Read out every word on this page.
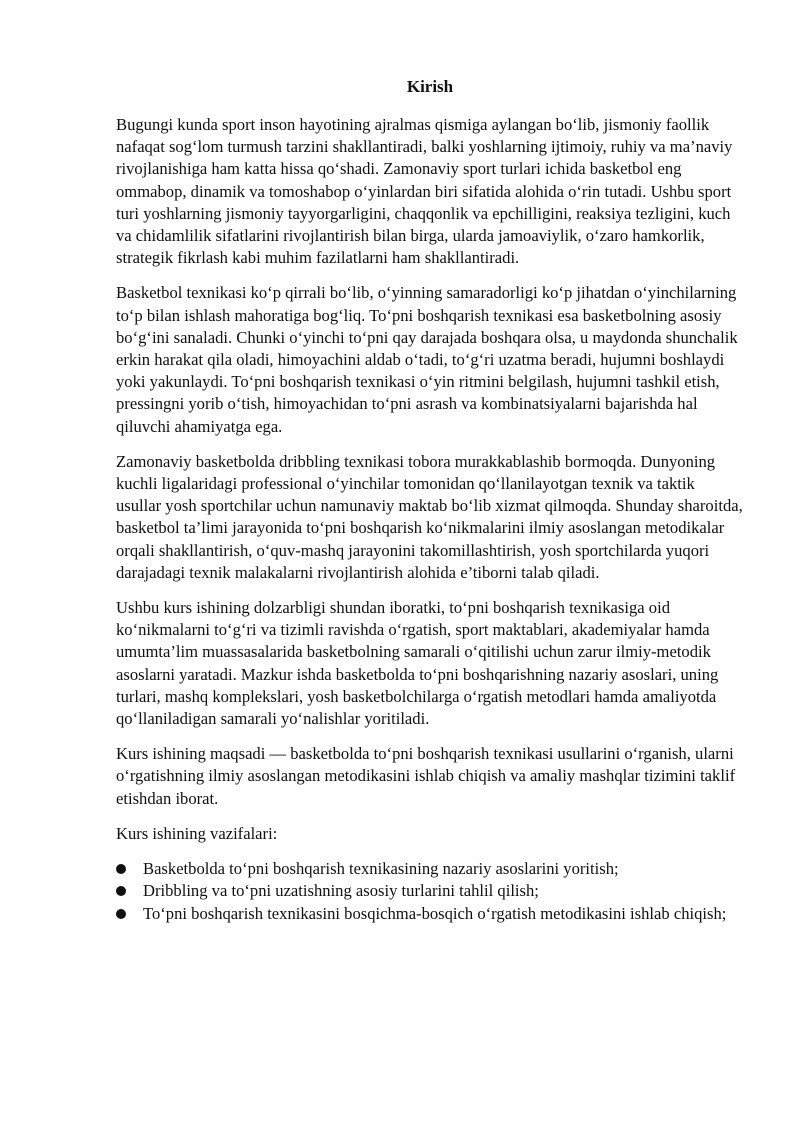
Kirish

Bugungi kunda sport inson hayotining ajralmas qismiga aylangan bo‘lib, jismoniy faollik nafaqat sog‘lom turmush tarzini shakllantiradi, balki yoshlarning ijtimoiy, ruhiy va ma’naviy rivojlanishiga ham katta hissa qo‘shadi. Zamonaviy sport turlari ichida basketbol eng ommabop, dinamik va tomoshabop o‘yinlardan biri sifatida alohida o‘rin tutadi. Ushbu sport turi yoshlarning jismoniy tayyorgarligini, chaqqonlik va epchilligini, reaksiya tezligini, kuch va chidamlilik sifatlarini rivojlantirish bilan birga, ularda jamoaviylik, o‘zaro hamkorlik, strategik fikrlash kabi muhim fazilatlarni ham shakllantiradi.

Basketbol texnikasi ko‘p qirrali bo‘lib, o‘yinning samaradorligi ko‘p jihatdan o‘yinchilarning to‘p bilan ishlash mahoratiga bog‘liq. To‘pni boshqarish texnikasi esa basketbolning asosiy bo‘g‘ini sanaladi. Chunki o‘yinchi to‘pni qay darajada boshqara olsa, u maydonda shunchalik erkin harakat qila oladi, himoyachini aldab o‘tadi, to‘g‘ri uzatma beradi, hujumni boshlaydi yoki yakunlaydi. To‘pni boshqarish texnikasi o‘yin ritmini belgilash, hujumni tashkil etish, pressingni yorib o‘tish, himoyachidan to‘pni asrash va kombinatsiyalarni bajarishda hal qiluvchi ahamiyatga ega.

Zamonaviy basketbolda dribbling texnikasi tobora murakkablashib bormoqda. Dunyoning kuchli ligalaridagi professional o‘yinchilar tomonidan qo‘llanilayotgan texnik va taktik usullar yosh sportchilar uchun namunaviy maktab bo‘lib xizmat qilmoqda. Shunday sharoitda, basketbol ta’limi jarayonida to‘pni boshqarish ko‘nikmalarini ilmiy asoslangan metodikalar orqali shakllantirish, o‘quv-mashq jarayonini takomillashtirish, yosh sportchilarda yuqori darajadagi texnik malakalarni rivojlantirish alohida e’tiborni talab qiladi.

Ushbu kurs ishining dolzarbligi shundan iboratki, to‘pni boshqarish texnikasiga oid ko‘nikmalarni to‘g‘ri va tizimli ravishda o‘rgatish, sport maktablari, akademiyalar hamda umumta’lim muassasalarida basketbolning samarali o‘qitilishi uchun zarur ilmiy-metodik asoslarni yaratadi. Mazkur ishda basketbolda to‘pni boshqarishning nazariy asoslari, uning turlari, mashq komplekslari, yosh basketbolchilarga o‘rgatish metodlari hamda amaliyotda qo‘llaniladigan samarali yo‘nalishlar yoritiladi.

Kurs ishining maqsadi — basketbolda to‘pni boshqarish texnikasi usullarini o‘rganish, ularni o‘rgatishning ilmiy asoslangan metodikasini ishlab chiqish va amaliy mashqlar tizimini taklif etishdan iborat.

Kurs ishining vazifalari:

Basketbolda to‘pni boshqarish texnikasining nazariy asoslarini yoritish;
Dribbling va to‘pni uzatishning asosiy turlarini tahlil qilish;
To‘pni boshqarish texnikasini bosqichma-bosqich o‘rgatish metodikasini ishlab chiqish;
